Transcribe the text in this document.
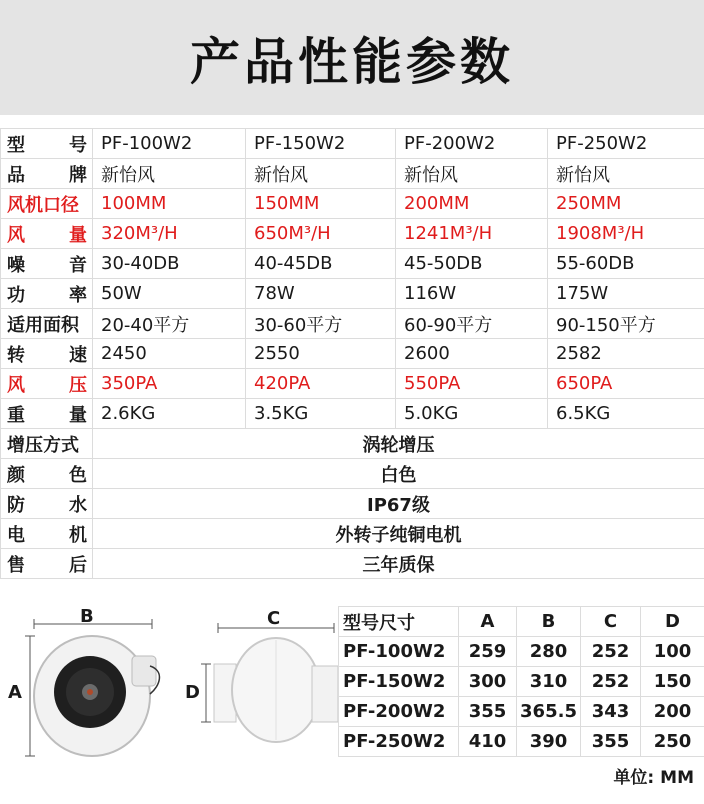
产品性能参数
型号	PF-100W2	PF-150W2	PF-200W2	PF-250W2
品牌	新怡风	新怡风	新怡风	新怡风
风机口径	100MM	150MM	200MM	250MM
风量	320M³/H	650M³/H	1241M³/H	1908M³/H
噪音	30-40DB	40-45DB	45-50DB	55-60DB
功率	50W	78W	116W	175W
适用面积	20-40平方	30-60平方	60-90平方	90-150平方
转速	2450	2550	2600	2582
风压	350PA	420PA	550PA	650PA
重量	2.6KG	3.5KG	5.0KG	6.5KG
增压方式	涡轮增压			
颜色	白色			
防水	IP67级			
电机	外转子纯铜电机			
售后	三年质保			
B
A
C
D
型号尺寸	A	B	C	D
PF-100W2	259	280	252	100
PF-150W2	300	310	252	150
PF-200W2	355	365.5	343	200
PF-250W2	410	390	355	250
单位: MM
